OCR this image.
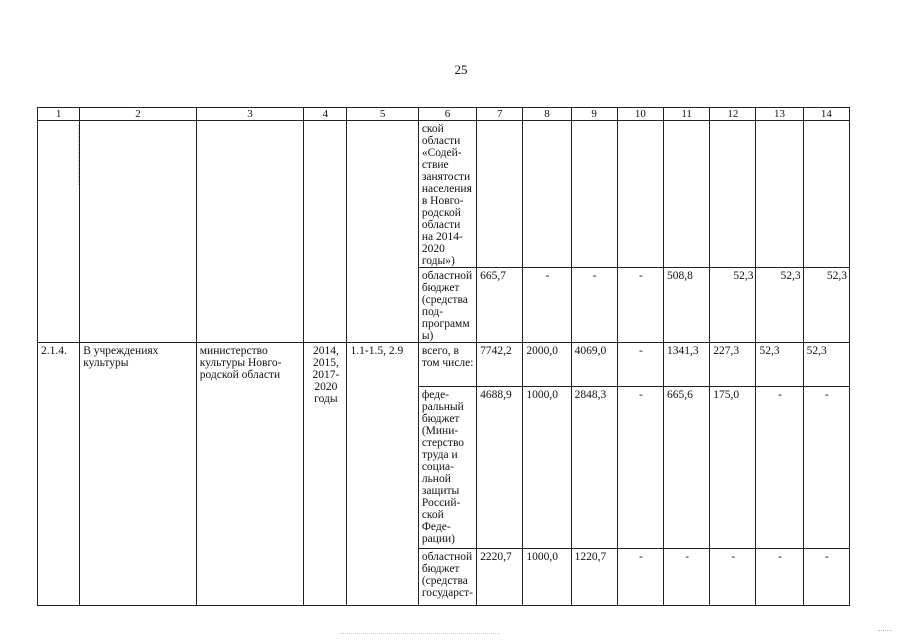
25
1	2	3	4	5	6	7	8	9	10	11	12	13	14
					ской области «Содей-ствие занятости населения в Новго-родской области на 2014-2020 годы»)								
					областной бюджет (средства под-программы)	665,7	-	-	-	508,8	52,3	52,3	52,3
2.1.4.	В учреждениях культуры	министерство культуры Новго-родской области	2014, 2015, 2017-2020 годы	1.1-1.5, 2.9	всего, в том числе:	7742,2	2000,0	4069,0	-	1341,3	227,3	52,3	52,3
					феде-ральный бюджет (Мини-стерство труда и социа-льной защиты Россий-ской Феде-рации)	4688,9	1000,0	2848,3	-	665,6	175,0	-	-
					областной бюджет (средства государст-	2220,7	1000,0	1220,7	-	-	-	-	-
